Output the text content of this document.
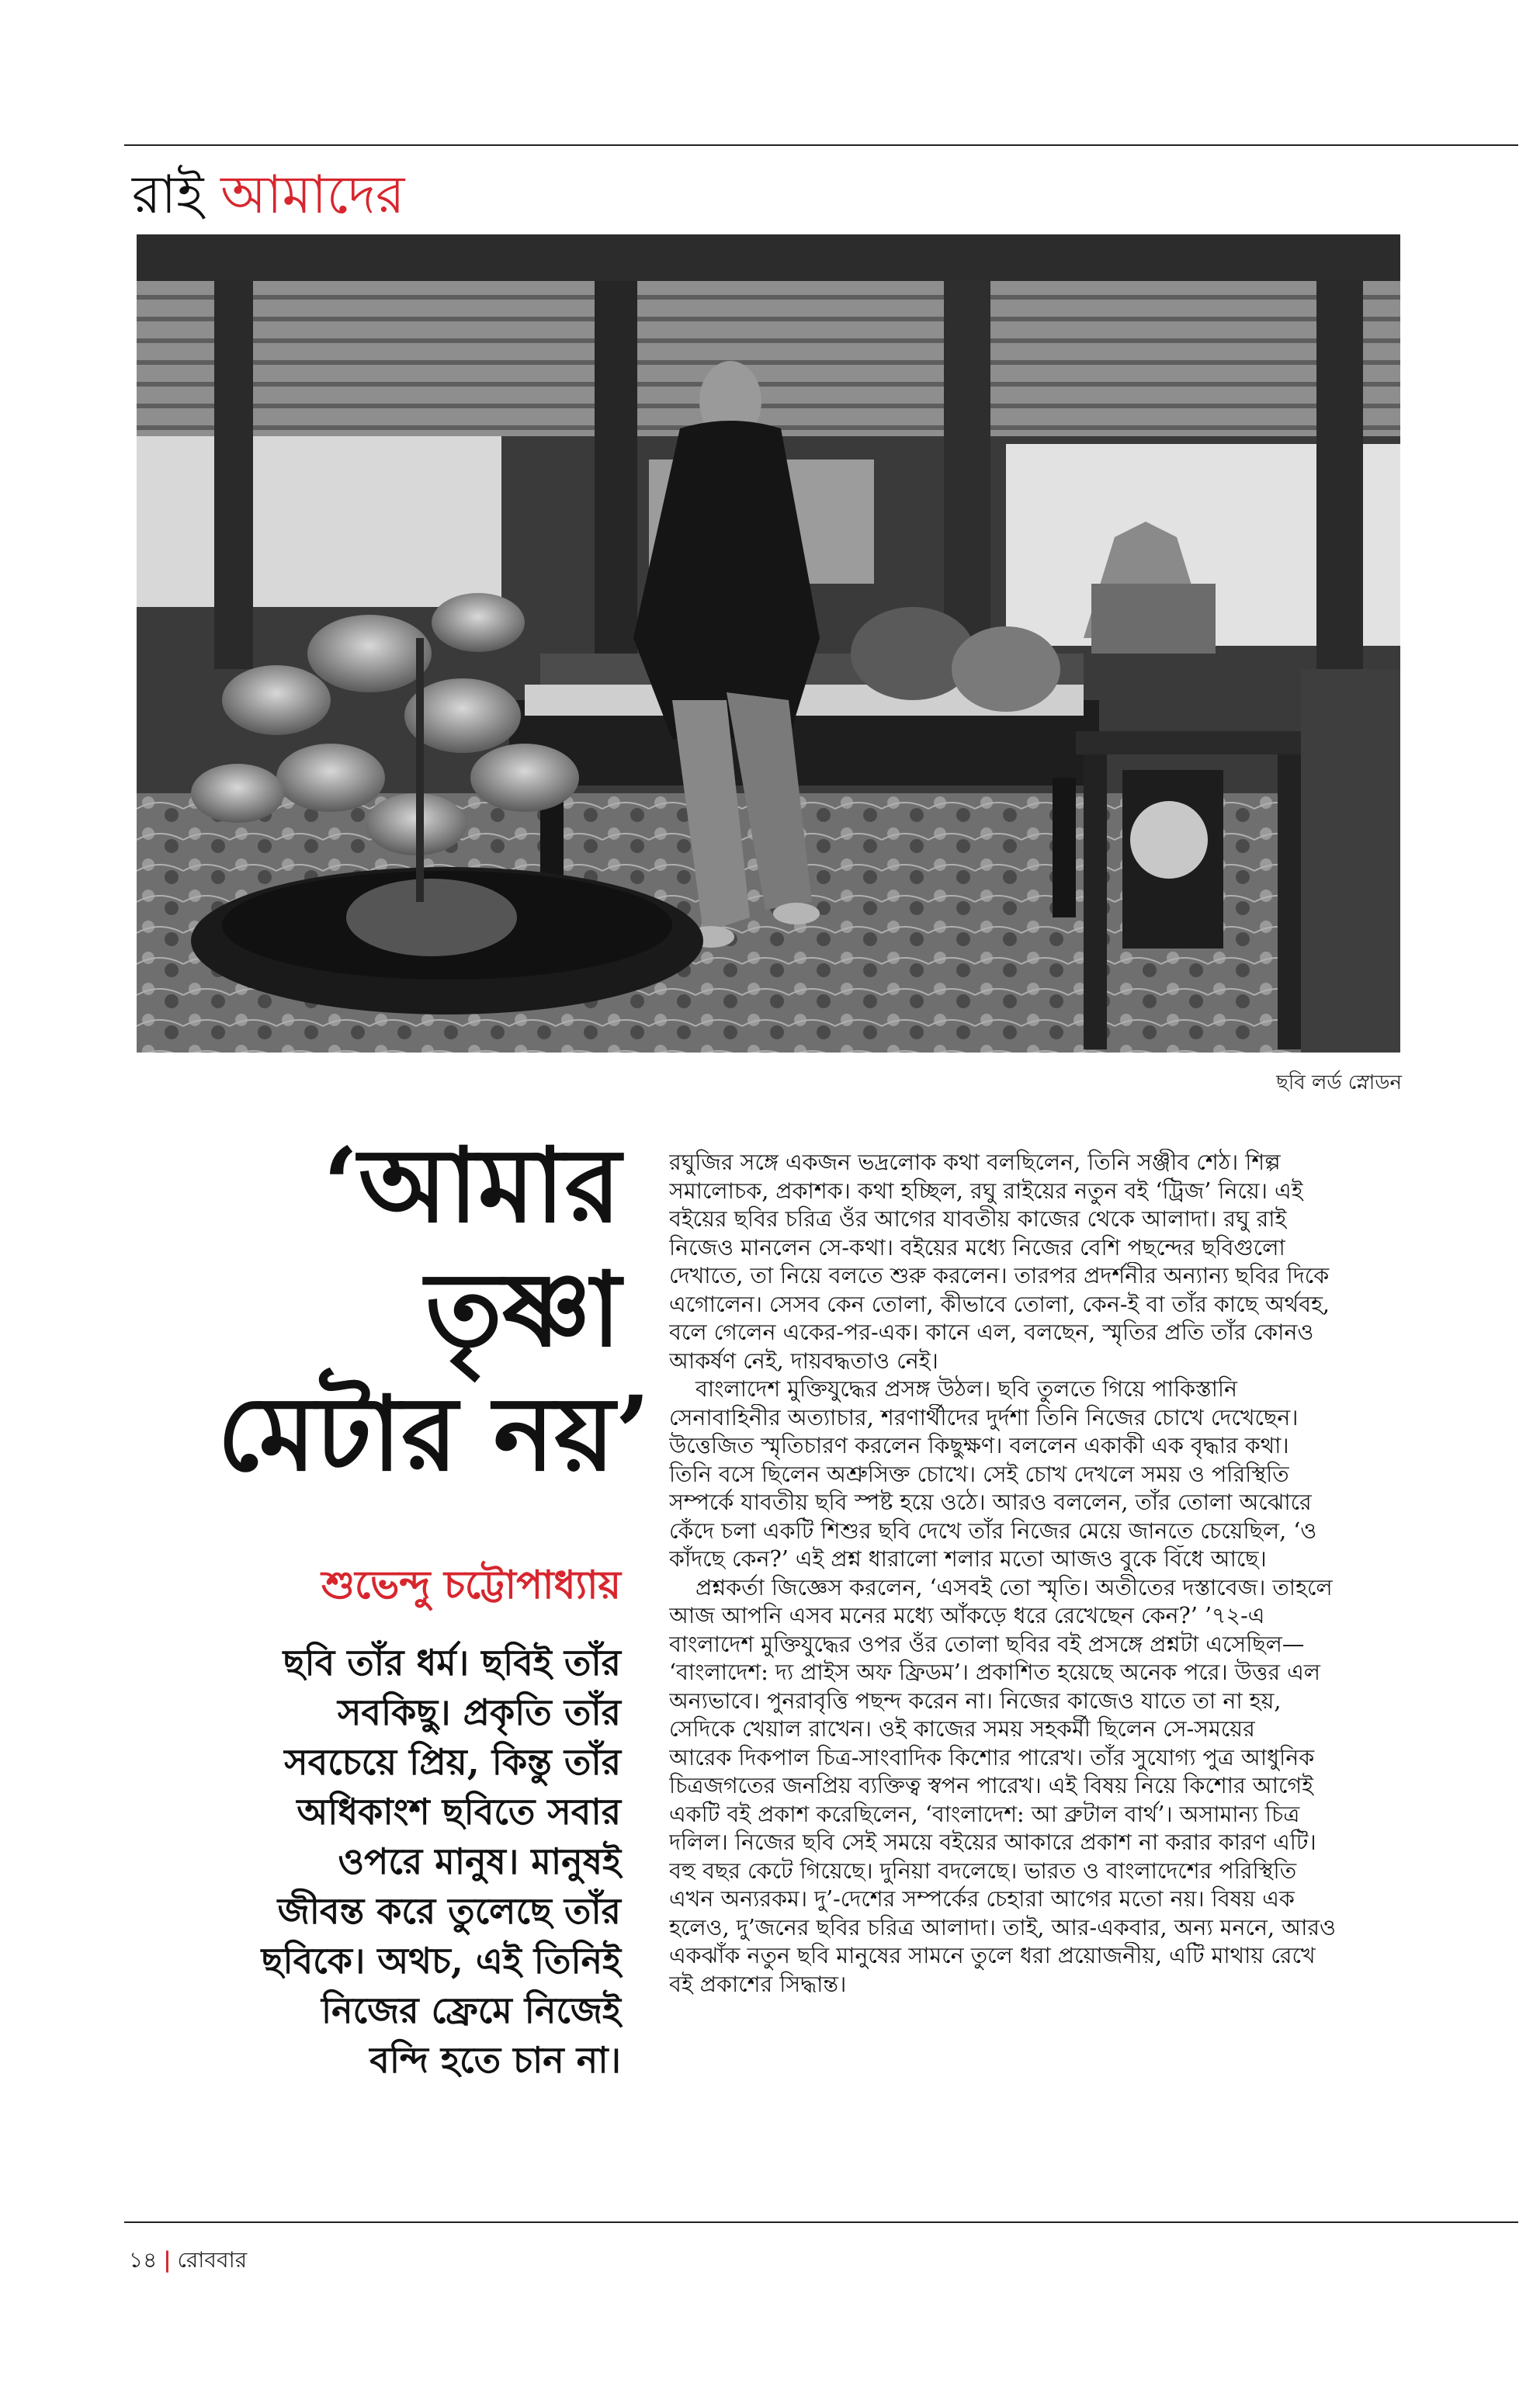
রাই আমাদের
ছবি লর্ড স্নোডন
‘আমার
তৃষ্ণা
মেটার নয়’
শুভেন্দু চট্টোপাধ্যায়
ছবি তাঁর ধর্ম। ছবিই তাঁর
সবকিছু। প্রকৃতি তাঁর
সবচেয়ে প্রিয়, কিন্তু তাঁর
অধিকাংশ ছবিতে সবার
ওপরে মানুষ। মানুষই
জীবন্ত করে তুলেছে তাঁর
ছবিকে। অথচ, এই তিনিই
নিজের ফ্রেমে নিজেই
বন্দি হতে চান না।
রঘুজির সঙ্গে একজন ভদ্রলোক কথা বলছিলেন, তিনি সঞ্জীব শেঠ। শিল্প
সমালোচক, প্রকাশক। কথা হচ্ছিল, রঘু রাইয়ের নতুন বই ‘ট্রিজ’ নিয়ে। এই
বইয়ের ছবির চরিত্র ওঁর আগের যাবতীয় কাজের থেকে আলাদা। রঘু রাই
নিজেও মানলেন সে-কথা। বইয়ের মধ্যে নিজের বেশি পছন্দের ছবিগুলো
দেখাতে, তা নিয়ে বলতে শুরু করলেন। তারপর প্রদর্শনীর অন্যান্য ছবির দিকে
এগোলেন। সেসব কেন তোলা, কীভাবে তোলা, কেন-ই বা তাঁর কাছে অর্থবহ,
বলে গেলেন একের-পর-এক। কানে এল, বলছেন, স্মৃতির প্রতি তাঁর কোনও
আকর্ষণ নেই, দায়বদ্ধতাও নেই।
বাংলাদেশ মুক্তিযুদ্ধের প্রসঙ্গ উঠল। ছবি তুলতে গিয়ে পাকিস্তানি
সেনাবাহিনীর অত্যাচার, শরণার্থীদের দুর্দশা তিনি নিজের চোখে দেখেছেন।
উত্তেজিত স্মৃতিচারণ করলেন কিছুক্ষণ। বললেন একাকী এক বৃদ্ধার কথা।
তিনি বসে ছিলেন অশ্রুসিক্ত চোখে। সেই চোখ দেখলে সময় ও পরিস্থিতি
সম্পর্কে যাবতীয় ছবি স্পষ্ট হয়ে ওঠে। আরও বললেন, তাঁর তোলা অঝোরে
কেঁদে চলা একটি শিশুর ছবি দেখে তাঁর নিজের মেয়ে জানতে চেয়েছিল, ‘ও
কাঁদছে কেন?’ এই প্রশ্ন ধারালো শলার মতো আজও বুকে বিঁধে আছে।
প্রশ্নকর্তা জিজ্ঞেস করলেন, ‘এসবই তো স্মৃতি। অতীতের দস্তাবেজ। তাহলে
আজ আপনি এসব মনের মধ্যে আঁকড়ে ধরে রেখেছেন কেন?’ ’৭২-এ
বাংলাদেশ মুক্তিযুদ্ধের ওপর ওঁর তোলা ছবির বই প্রসঙ্গে প্রশ্নটা এসেছিল—
‘বাংলাদেশ: দ্য প্রাইস অফ ফ্রিডম’। প্রকাশিত হয়েছে অনেক পরে। উত্তর এল
অন্যভাবে। পুনরাবৃত্তি পছন্দ করেন না। নিজের কাজেও যাতে তা না হয়,
সেদিকে খেয়াল রাখেন। ওই কাজের সময় সহকর্মী ছিলেন সে-সময়ের
আরেক দিকপাল চিত্র-সাংবাদিক কিশোর পারেখ। তাঁর সুযোগ্য পুত্র আধুনিক
চিত্রজগতের জনপ্রিয় ব্যক্তিত্ব স্বপন পারেখ। এই বিষয় নিয়ে কিশোর আগেই
একটি বই প্রকাশ করেছিলেন, ‘বাংলাদেশ: আ ব্রুটাল বার্থ’। অসামান্য চিত্র
দলিল। নিজের ছবি সেই সময়ে বইয়ের আকারে প্রকাশ না করার কারণ এটি।
বহু বছর কেটে গিয়েছে। দুনিয়া বদলেছে। ভারত ও বাংলাদেশের পরিস্থিতি
এখন অন্যরকম। দু’-দেশের সম্পর্কের চেহারা আগের মতো নয়। বিষয় এক
হলেও, দু’জনের ছবির চরিত্র আলাদা। তাই, আর-একবার, অন্য মননে, আরও
একঝাঁক নতুন ছবি মানুষের সামনে তুলে ধরা প্রয়োজনীয়, এটি মাথায় রেখে
বই প্রকাশের সিদ্ধান্ত।
১৪ | রোববার
